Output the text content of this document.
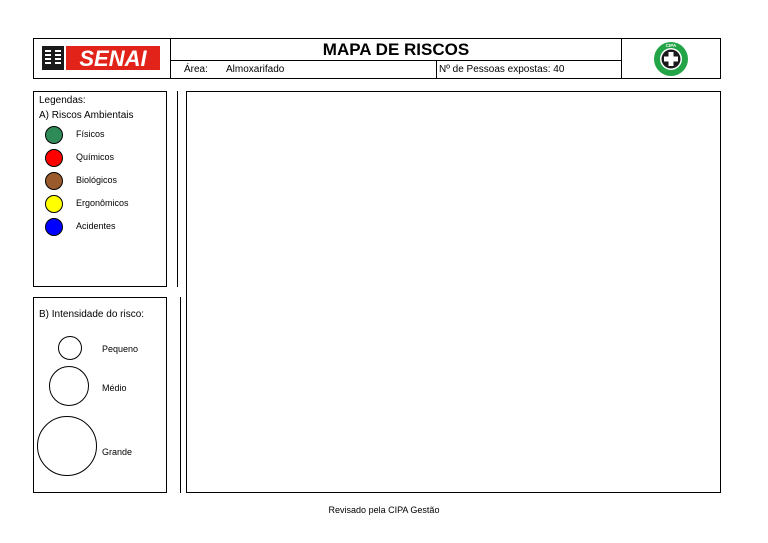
SENAI	MAPA DE RISCOS	CIPA
Área: Almoxarifado	Nº de Pessoas expostas: 40
Legendas:
A) Riscos Ambientais
Físicos
Químicos
Biológicos
Ergonômicos
Acidentes
B) Intensidade do risco:
Pequeno
Médio
Grande
Revisado pela CIPA Gestão
